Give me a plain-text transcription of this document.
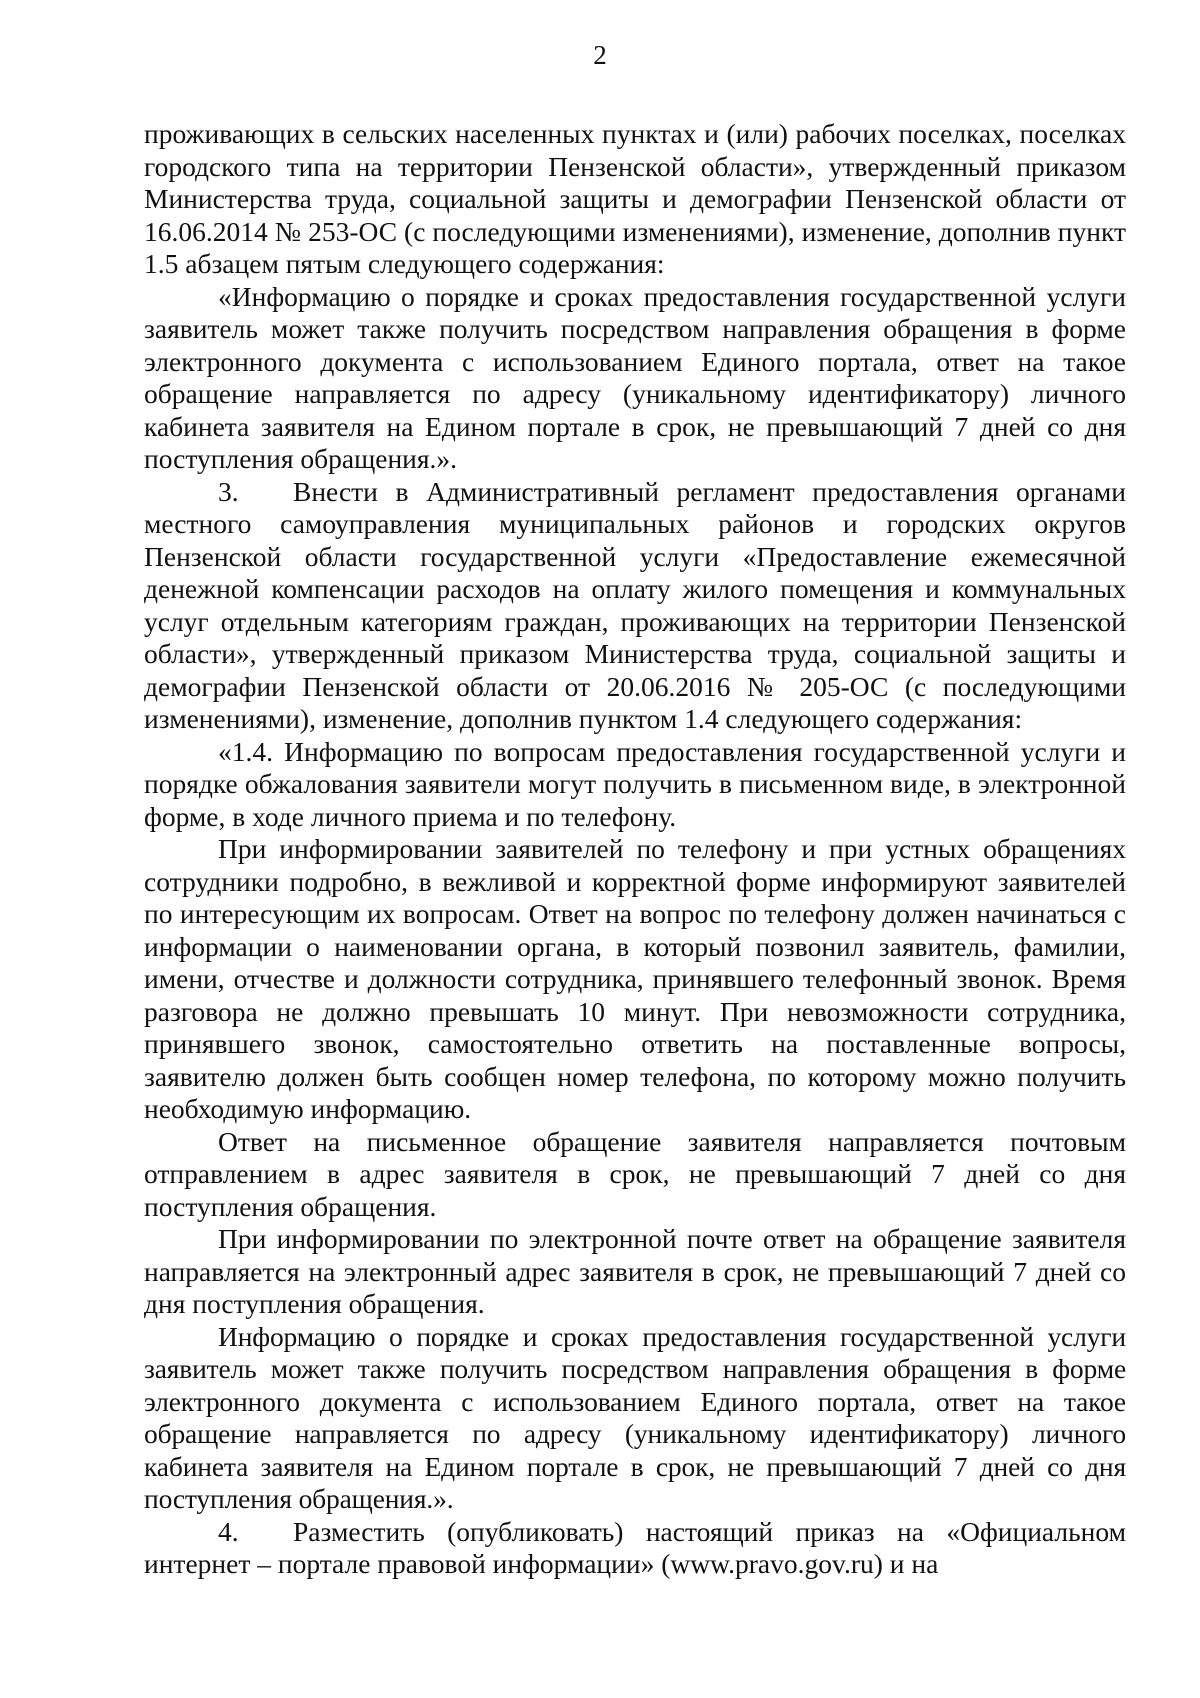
2

проживающих в сельских населенных пунктах и (или) рабочих поселках, поселках городского типа на территории Пензенской области», утвержденный приказом Министерства труда, социальной защиты и демографии Пензенской области от 16.06.2014 № 253-ОС (с последующими изменениями), изменение, дополнив пункт 1.5 абзацем пятым следующего содержания:

«Информацию о порядке и сроках предоставления государственной услуги заявитель может также получить посредством направления обращения в форме электронного документа с использованием Единого портала, ответ на такое обращение направляется по адресу (уникальному идентификатору) личного кабинета заявителя на Едином портале в срок, не превышающий 7 дней со дня поступления обращения.».

3. Внести в Административный регламент предоставления органами местного самоуправления муниципальных районов и городских округов Пензенской области государственной услуги «Предоставление ежемесячной денежной компенсации расходов на оплату жилого помещения и коммунальных услуг отдельным категориям граждан, проживающих на территории Пензенской области», утвержденный приказом Министерства труда, социальной защиты и демографии Пензенской области от 20.06.2016 № 205-ОС (с последующими изменениями), изменение, дополнив пунктом 1.4 следующего содержания:

«1.4. Информацию по вопросам предоставления государственной услуги и порядке обжалования заявители могут получить в письменном виде, в электронной форме, в ходе личного приема и по телефону.

При информировании заявителей по телефону и при устных обращениях сотрудники подробно, в вежливой и корректной форме информируют заявителей по интересующим их вопросам. Ответ на вопрос по телефону должен начинаться с информации о наименовании органа, в который позвонил заявитель, фамилии, имени, отчестве и должности сотрудника, принявшего телефонный звонок. Время разговора не должно превышать 10 минут. При невозможности сотрудника, принявшего звонок, самостоятельно ответить на поставленные вопросы, заявителю должен быть сообщен номер телефона, по которому можно получить необходимую информацию.

Ответ на письменное обращение заявителя направляется почтовым отправлением в адрес заявителя в срок, не превышающий 7 дней со дня поступления обращения.

При информировании по электронной почте ответ на обращение заявителя направляется на электронный адрес заявителя в срок, не превышающий 7 дней со дня поступления обращения.

Информацию о порядке и сроках предоставления государственной услуги заявитель может также получить посредством направления обращения в форме электронного документа с использованием Единого портала, ответ на такое обращение направляется по адресу (уникальному идентификатору) личного кабинета заявителя на Едином портале в срок, не превышающий 7 дней со дня поступления обращения.».

4. Разместить (опубликовать) настоящий приказ на «Официальном интернет – портале правовой информации» (www.pravo.gov.ru) и на
